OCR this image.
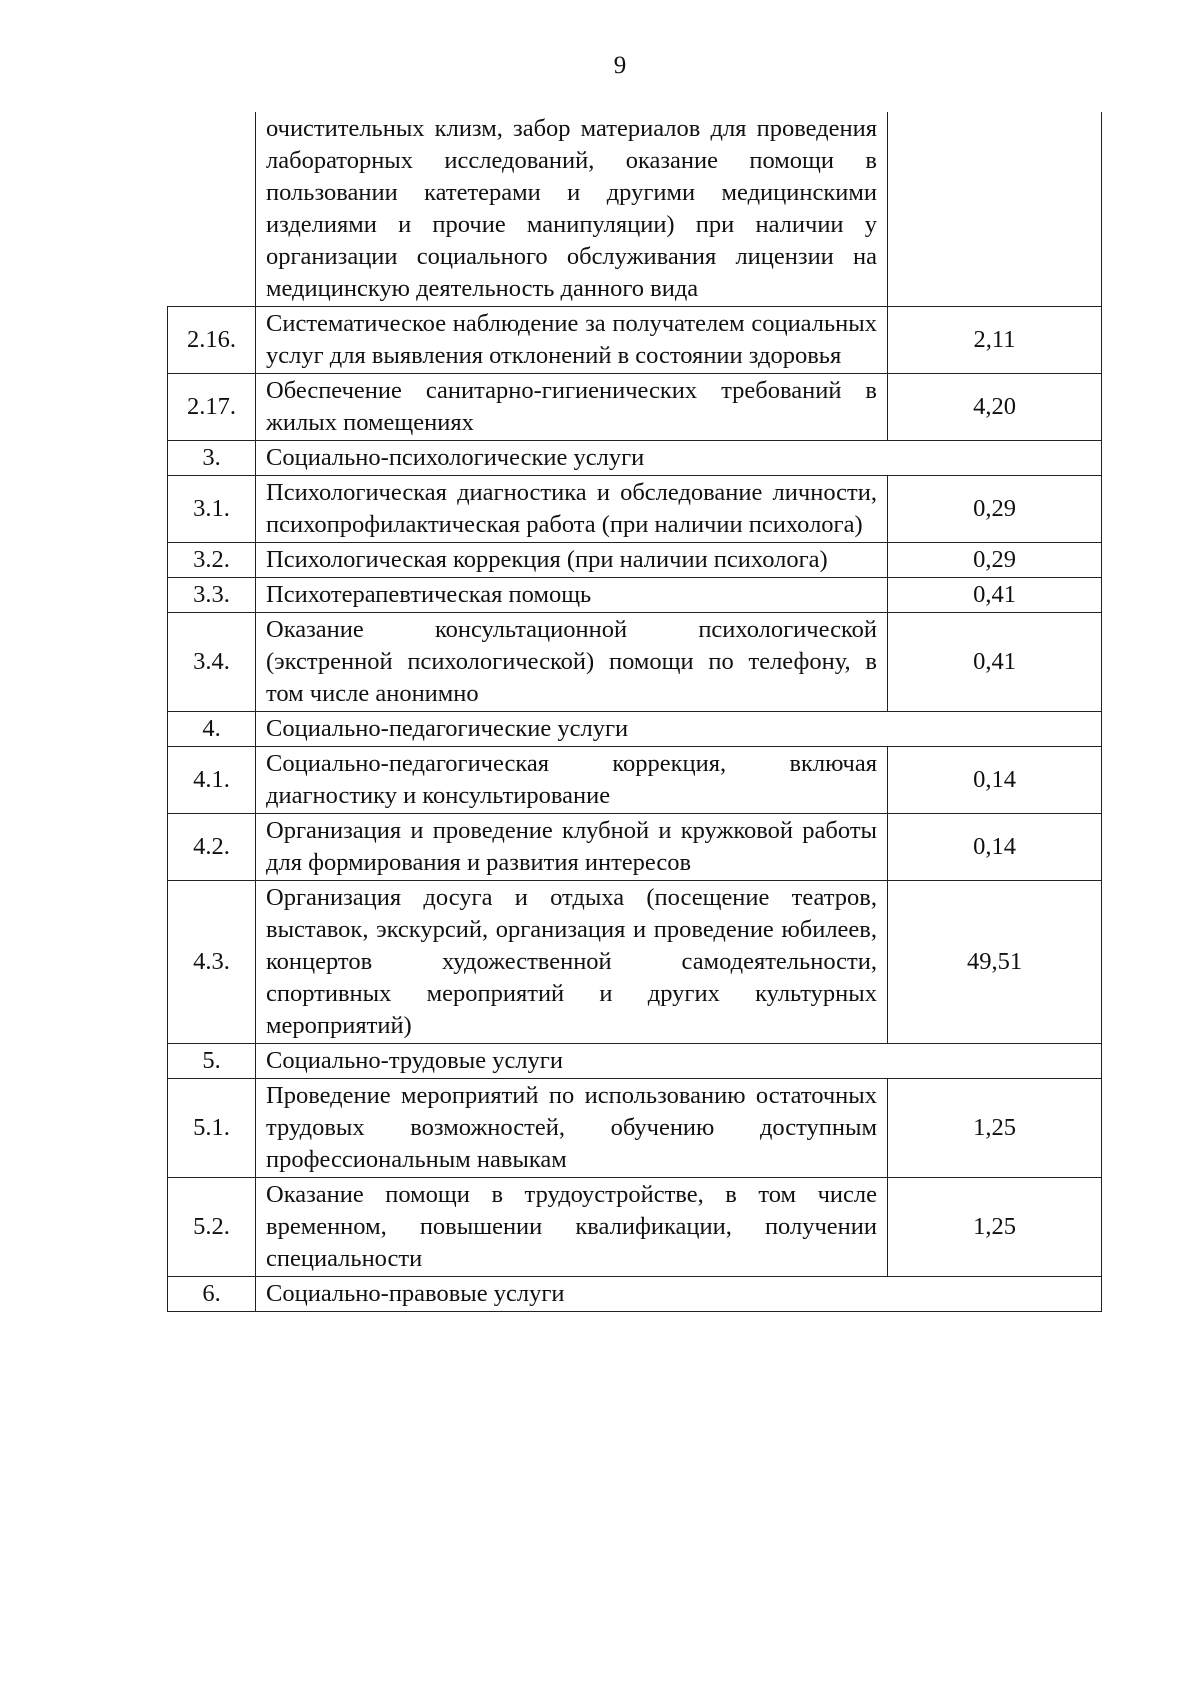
9
	очистительных клизм, забор материалов для проведения лабораторных исследований, оказание помощи в пользовании катетерами и другими медицинскими изделиями и прочие манипуляции) при наличии у организации социального обслуживания лицензии на медицинскую деятельность данного вида	
2.16.	Систематическое наблюдение за получателем социальных услуг для выявления отклонений в состоянии здоровья	2,11
2.17.	Обеспечение санитарно-гигиенических требований в жилых помещениях	4,20
3.	Социально-психологические услуги	
3.1.	Психологическая диагностика и обследование личности, психопрофилактическая работа (при наличии психолога)	0,29
3.2.	Психологическая коррекция (при наличии психолога)	0,29
3.3.	Психотерапевтическая помощь	0,41
3.4.	Оказание консультационной психологической (экстренной психологической) помощи по телефону, в том числе анонимно	0,41
4.	Социально-педагогические услуги	
4.1.	Социально-педагогическая коррекция, включая диагностику и консультирование	0,14
4.2.	Организация и проведение клубной и кружковой работы для формирования и развития интересов	0,14
4.3.	Организация досуга и отдыха (посещение театров, выставок, экскурсий, организация и проведение юбилеев, концертов художественной самодеятельности, спортивных мероприятий и других культурных мероприятий)	49,51
5.	Социально-трудовые услуги	
5.1.	Проведение мероприятий по использованию остаточных трудовых возможностей, обучению доступным профессиональным навыкам	1,25
5.2.	Оказание помощи в трудоустройстве, в том числе временном, повышении квалификации, получении специальности	1,25
6.	Социально-правовые услуги	
